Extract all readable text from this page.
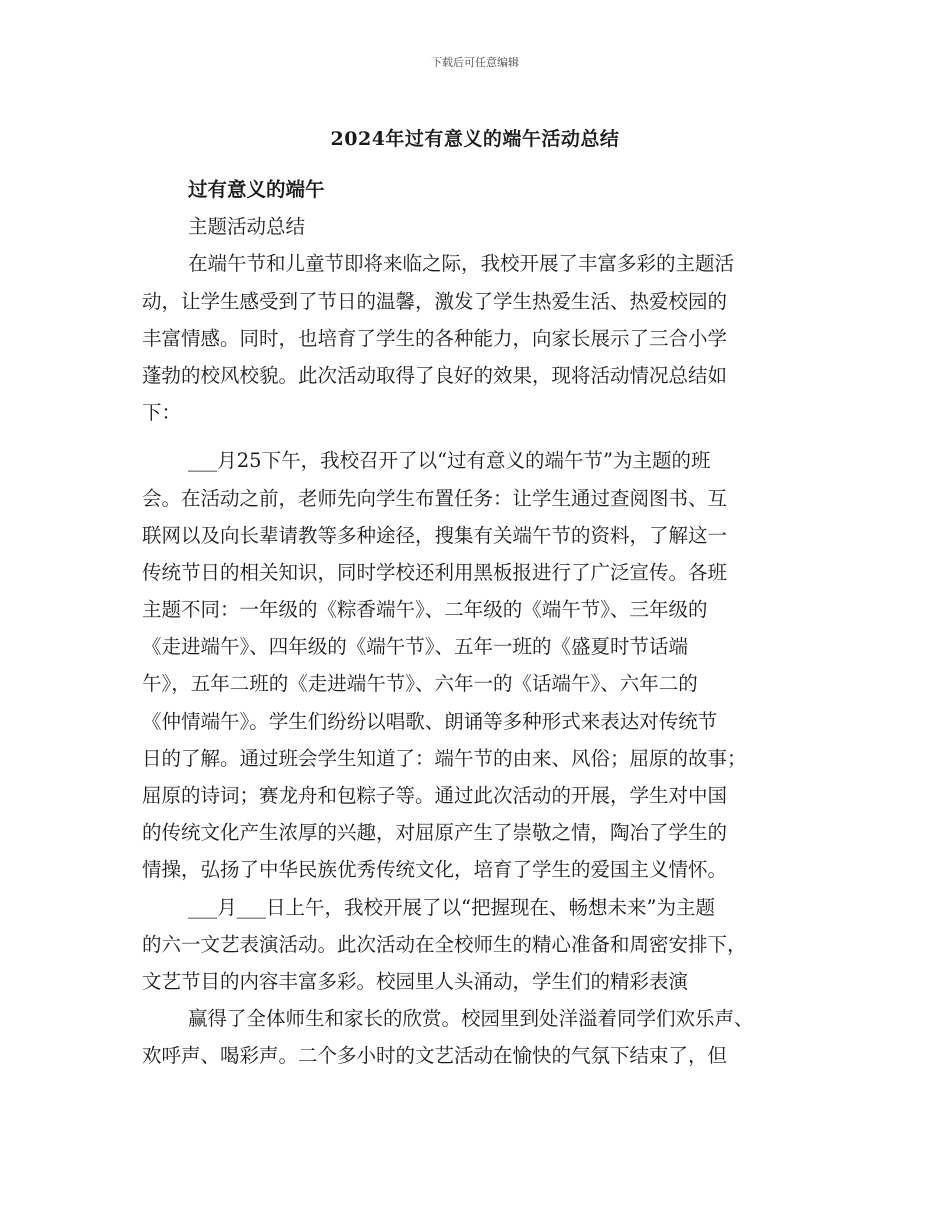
下载后可任意编辑
2024年过有意义的端午活动总结
过有意义的端午
主题活动总结
在端午节和儿童节即将来临之际，我校开展了丰富多彩的主题活
动，让学生感受到了节日的温馨，激发了学生热爱生活、热爱校园的
丰富情感。同时，也培育了学生的各种能力，向家长展示了三合小学
蓬勃的校风校貌。此次活动取得了良好的效果，现将活动情况总结如
下：
___月25下午，我校召开了以“过有意义的端午节”为主题的班
会。在活动之前，老师先向学生布置任务：让学生通过查阅图书、互
联网以及向长辈请教等多种途径，搜集有关端午节的资料，了解这一
传统节日的相关知识，同时学校还利用黑板报进行了广泛宣传。各班
主题不同：一年级的《粽香端午》、二年级的《端午节》、三年级的
《走进端午》、四年级的《端午节》、五年一班的《盛夏时节话端
午》，五年二班的《走进端午节》、六年一的《话端午》、六年二的
《仲情端午》。学生们纷纷以唱歌、朗诵等多种形式来表达对传统节
日的了解。通过班会学生知道了：端午节的由来、风俗；屈原的故事；
屈原的诗词；赛龙舟和包粽子等。通过此次活动的开展，学生对中国
的传统文化产生浓厚的兴趣，对屈原产生了崇敬之情，陶冶了学生的
情操，弘扬了中华民族优秀传统文化，培育了学生的爱国主义情怀。
___月___日上午，我校开展了以“把握现在、畅想未来”为主题
的六一文艺表演活动。此次活动在全校师生的精心准备和周密安排下，
文艺节目的内容丰富多彩。校园里人头涌动，学生们的精彩表演
赢得了全体师生和家长的欣赏。校园里到处洋溢着同学们欢乐声、
欢呼声、喝彩声。二个多小时的文艺活动在愉快的气氛下结束了，但
